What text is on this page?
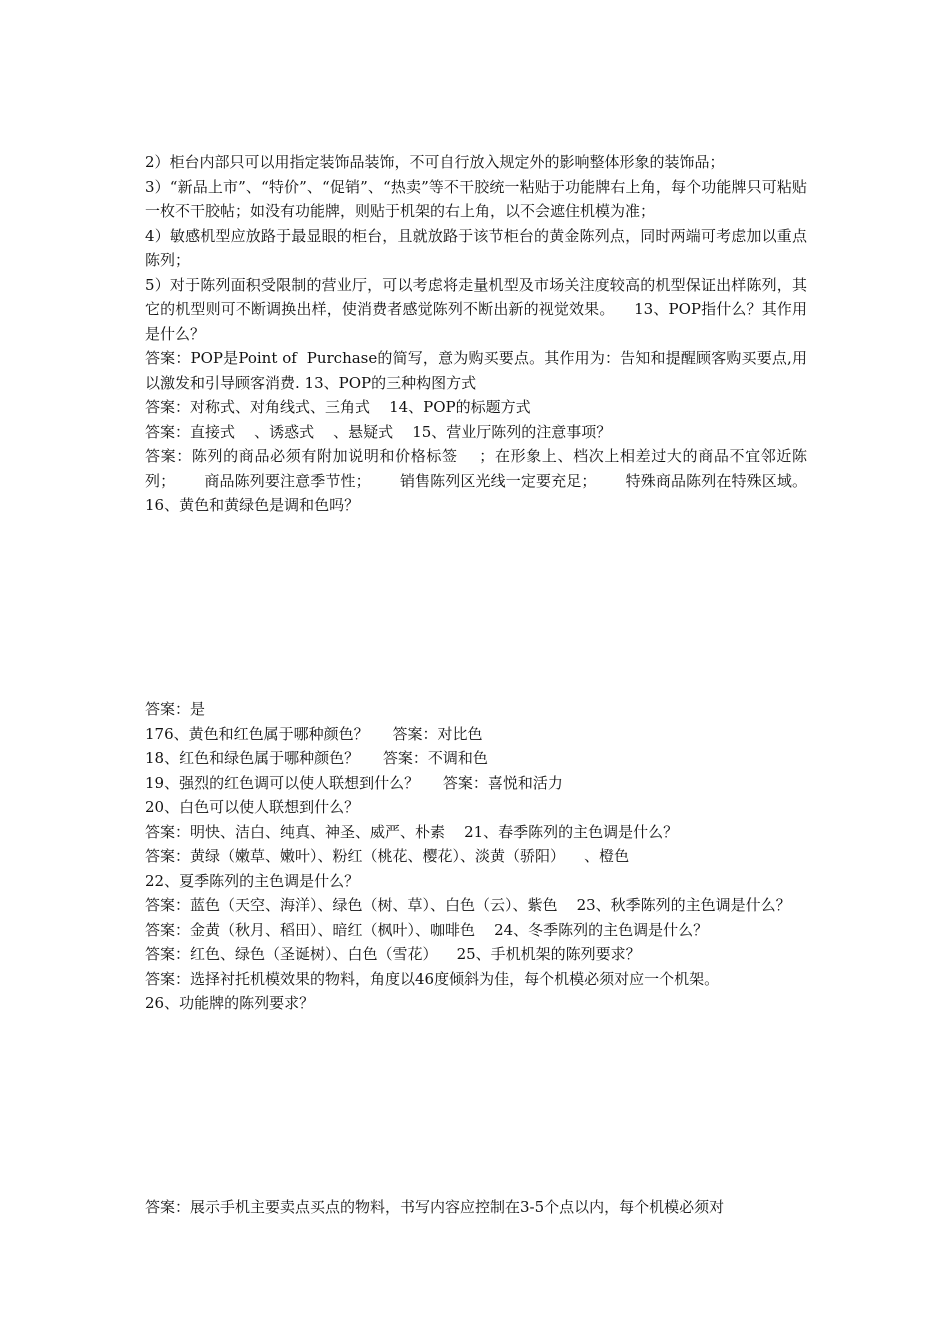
2）柜台内部只可以用指定装饰品装饰，不可自行放入规定外的影响整体形象的装饰品；

3）“新品上市”、“特价”、“促销”、“热卖”等不干胶统一粘贴于功能牌右上角，每个功能牌只可粘贴一枚不干胶帖；如没有功能牌，则贴于机架的右上角，以不会遮住机模为准；

4）敏感机型应放路于最显眼的柜台，且就放路于该节柜台的黄金陈列点，同时两端可考虑加以重点陈列；

5）对于陈列面积受限制的营业厅，可以考虑将走量机型及市场关注度较高的机型保证出样陈列，其它的机型则可不断调换出样，使消费者感觉陈列不断出新的视觉效果。    13、POP指什么？其作用是什么？

答案：POP是Point of  Purchase的简写，意为购买要点。其作用为：告知和提醒顾客购买要点,用以激发和引导顾客消费. 13、POP的三种构图方式

答案：对称式、对角线式、三角式    14、POP的标题方式

答案：直接式    、诱惑式    、悬疑式    15、营业厅陈列的注意事项？

答案：陈列的商品必须有附加说明和价格标签    ；在形象上、档次上相差过大的商品不宜邻近陈列；      商品陈列要注意季节性；      销售陈列区光线一定要充足；      特殊商品陈列在特殊区域。     16、黄色和黄绿色是调和色吗？

答案：是

176、黄色和红色属于哪种颜色？     答案：对比色

18、红色和绿色属于哪种颜色？     答案：不调和色

19、强烈的红色调可以使人联想到什么？     答案：喜悦和活力

20、白色可以使人联想到什么？

答案：明快、洁白、纯真、神圣、威严、朴素    21、春季陈列的主色调是什么？

答案：黄绿（嫩草、嫩叶）、粉红（桃花、樱花）、淡黄（骄阳）    、橙色

22、夏季陈列的主色调是什么？

答案：蓝色（天空、海洋）、绿色（树、草）、白色（云）、紫色    23、秋季陈列的主色调是什么？

答案：金黄（秋月、稻田）、暗红（枫叶）、咖啡色    24、冬季陈列的主色调是什么？

答案：红色、绿色（圣诞树）、白色（雪花）    25、手机机架的陈列要求？

答案：选择衬托机模效果的物料，角度以46度倾斜为佳，每个机模必须对应一个机架。

26、功能牌的陈列要求？

答案：展示手机主要卖点买点的物料，书写内容应控制在3-5个点以内，每个机模必须对
